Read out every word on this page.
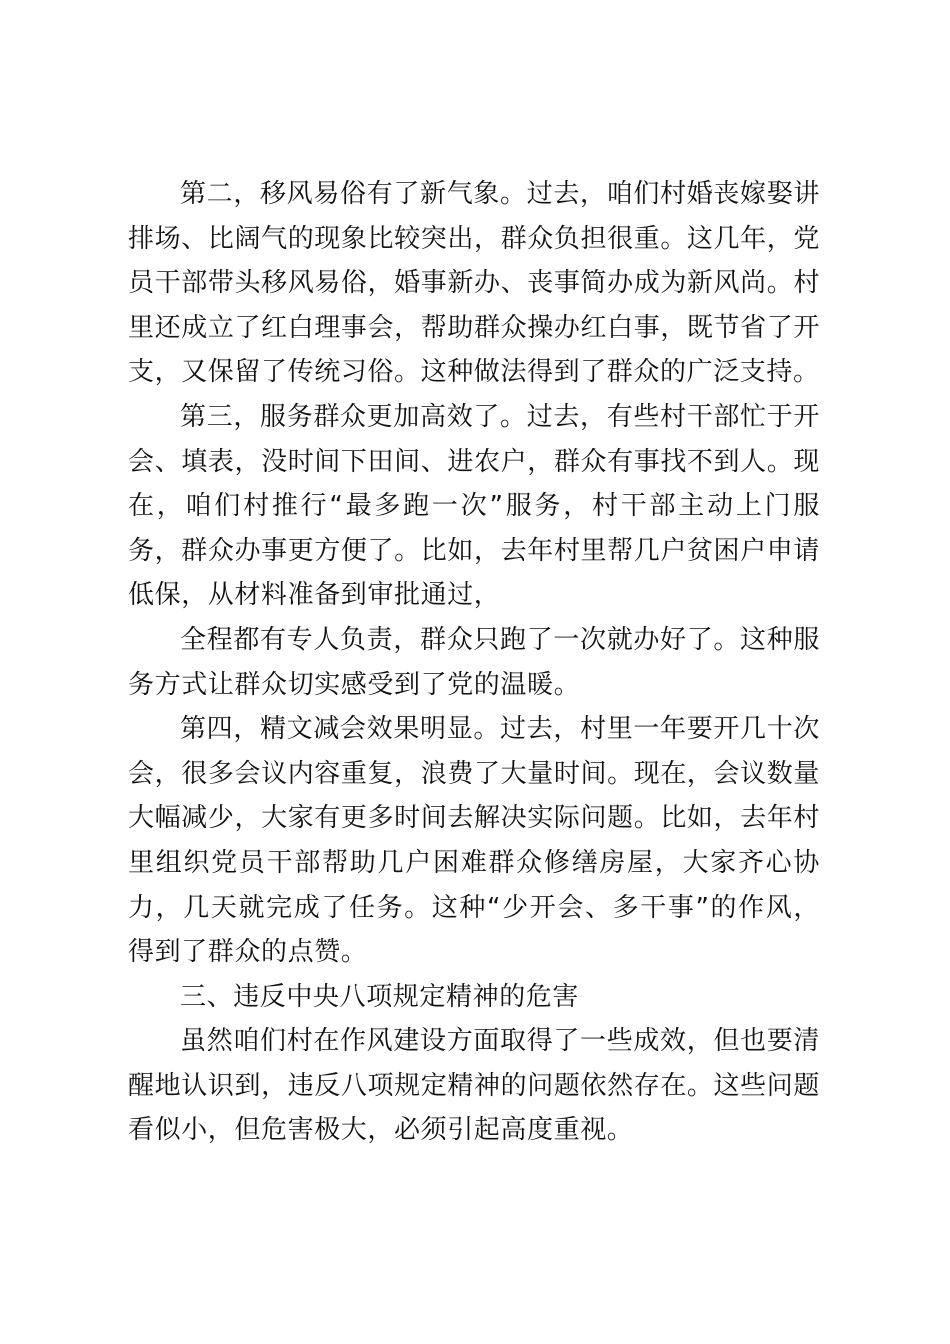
第二，移风易俗有了新气象。过去，咱们村婚丧嫁娶讲排场、比阔气的现象比较突出，群众负担很重。这几年，党员干部带头移风易俗，婚事新办、丧事简办成为新风尚。村里还成立了红白理事会，帮助群众操办红白事，既节省了开支，又保留了传统习俗。这种做法得到了群众的广泛支持。

第三，服务群众更加高效了。过去，有些村干部忙于开会、填表，没时间下田间、进农户，群众有事找不到人。现在，咱们村推行“最多跑一次”服务，村干部主动上门服务，群众办事更方便了。比如，去年村里帮几户贫困户申请低保，从材料准备到审批通过，

全程都有专人负责，群众只跑了一次就办好了。这种服务方式让群众切实感受到了党的温暖。

第四，精文减会效果明显。过去，村里一年要开几十次会，很多会议内容重复，浪费了大量时间。现在，会议数量大幅减少，大家有更多时间去解决实际问题。比如，去年村里组织党员干部帮助几户困难群众修缮房屋，大家齐心协力，几天就完成了任务。这种“少开会、多干事”的作风，得到了群众的点赞。

三、违反中央八项规定精神的危害

虽然咱们村在作风建设方面取得了一些成效，但也要清醒地认识到，违反八项规定精神的问题依然存在。这些问题看似小，但危害极大，必须引起高度重视。
